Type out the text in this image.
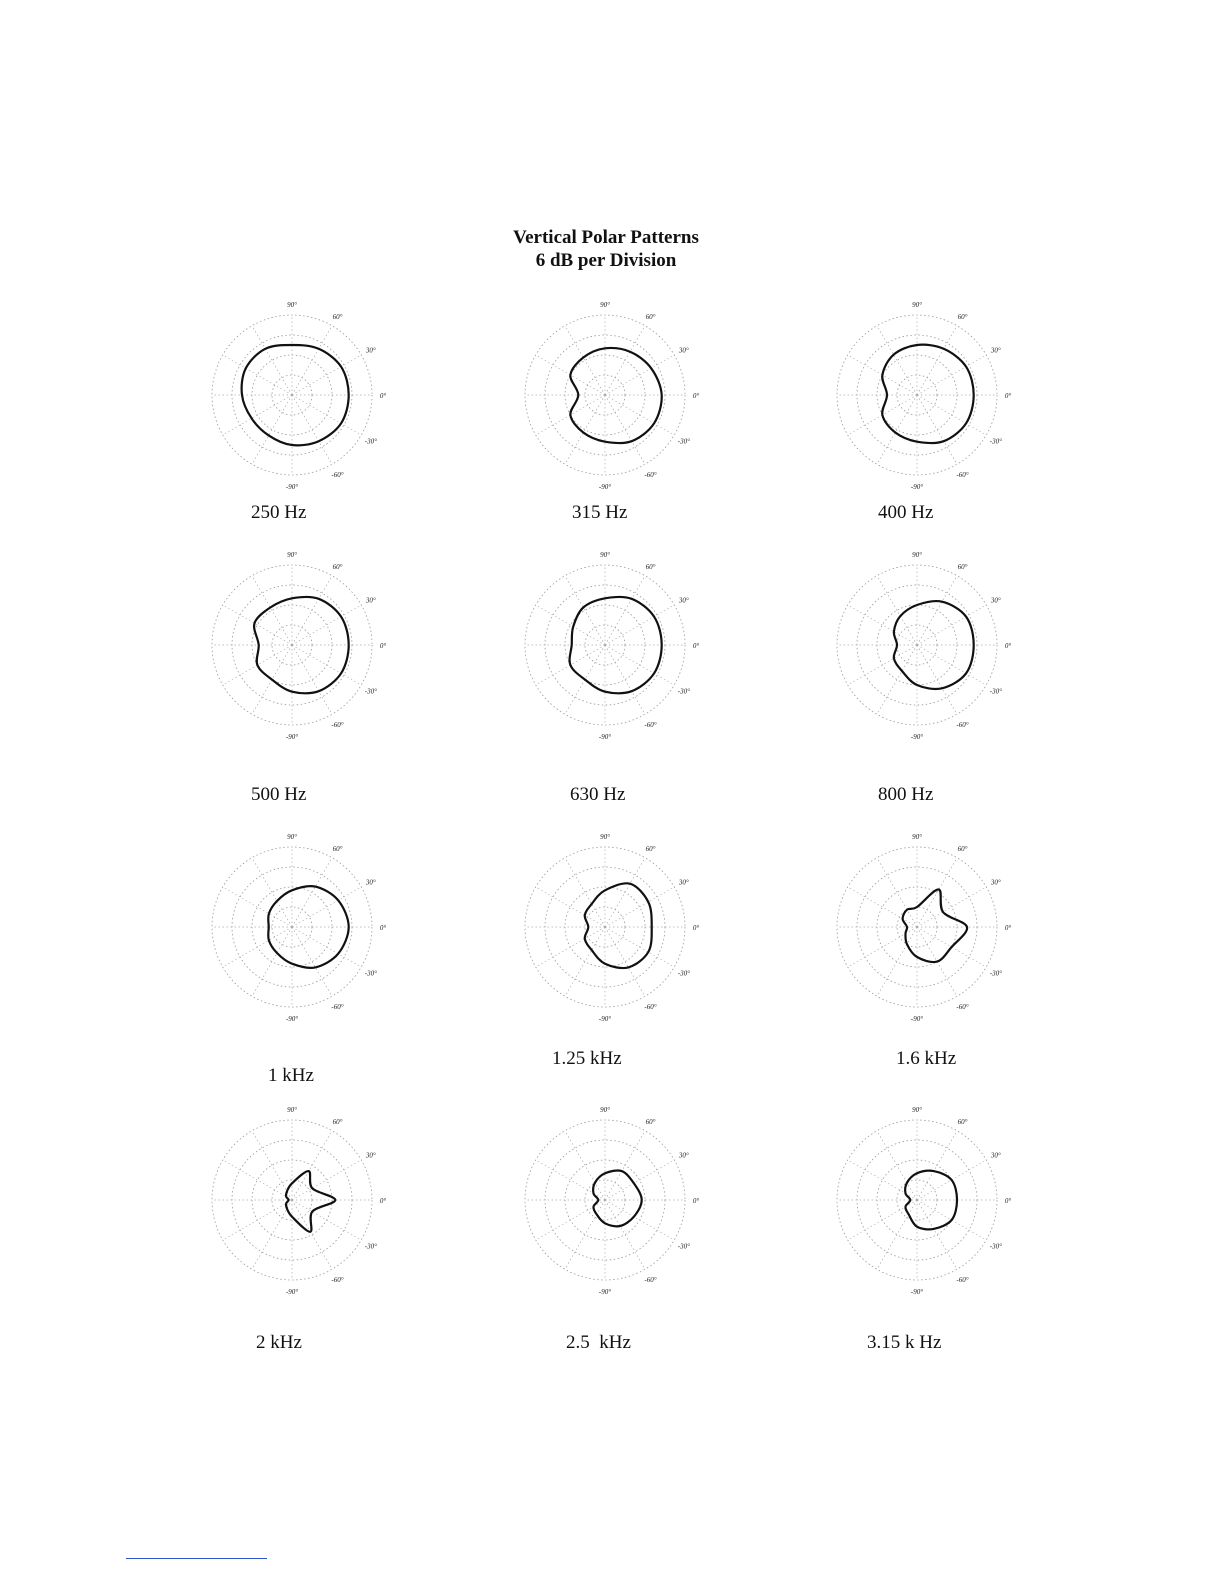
Vertical Polar Patterns
6 dB per Division
90°
60°
30°
0°
-30°
-60°
-90°
250 Hz
90°
60°
30°
0°
-30°
-60°
-90°
315 Hz
90°
60°
30°
0°
-30°
-60°
-90°
400 Hz
90°
60°
30°
0°
-30°
-60°
-90°
500 Hz
90°
60°
30°
0°
-30°
-60°
-90°
630 Hz
90°
60°
30°
0°
-30°
-60°
-90°
800 Hz
90°
60°
30°
0°
-30°
-60°
-90°
1 kHz
90°
60°
30°
0°
-30°
-60°
-90°
1.25 kHz
90°
60°
30°
0°
-30°
-60°
-90°
1.6 kHz
90°
60°
30°
0°
-30°
-60°
-90°
2 kHz
90°
60°
30°
0°
-30°
-60°
-90°
2.5  kHz
90°
60°
30°
0°
-30°
-60°
-90°
3.15 k Hz
